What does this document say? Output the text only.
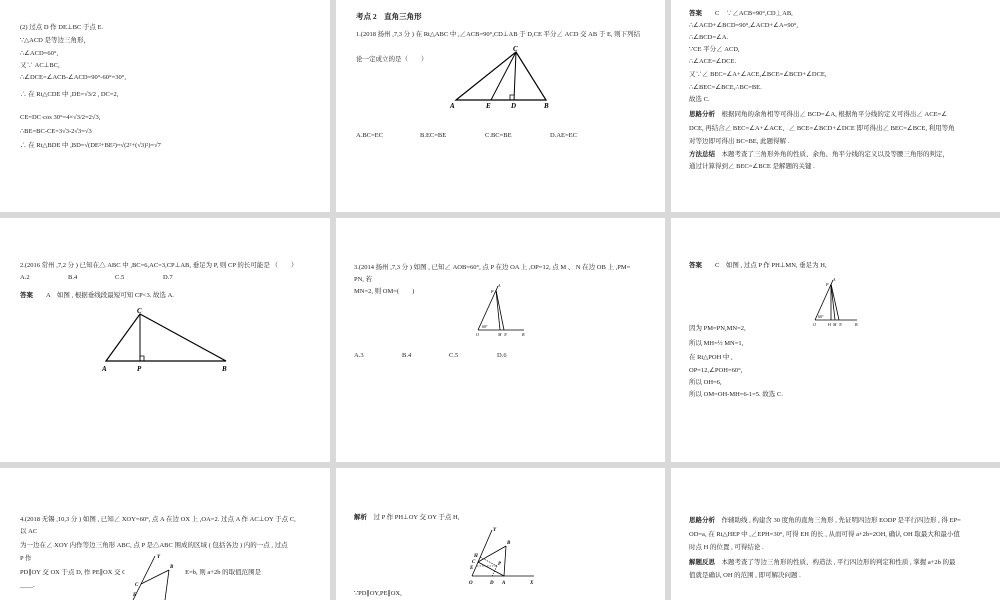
(2) 过点 D 作 DE⊥BC 于点 E.
∵△ACD 是等边三角形，
∴∠ACD=60°,
又∵ AC⊥BC,
∴∠DCE=∠ACB-∠ACD=90°-60°=30°,
∴ 在 Rt△CDE 中 ,DE=√3/2 , DC=2,
CE=DC·cos 30°=4×√3/2=2√3,
∴BE=BC-CE=3√3-2√3=√3
∴ 在 Rt△BDE 中 ,BD=√(DE²+BE²)=√(2²+(√3)²)=√7
考点 2　直角三角形
1.(2018 扬州 ,7,3 分 ) 在 Rt△ABC 中 ,∠ACB=90°,CD⊥AB 于 D,CE 平分∠ ACD 交 AB 于 E, 则下列结
论一定成立的是（　　）
C
A	E	D	B
A.BC=EC	B.EC=BE	C.BC=BE	D.AE=EC
答案　　C　∵∠ACB=90°,CD⊥AB,
∴∠ACD+∠BCD=90°,∠ACD+∠A=90°,
∴∠BCD=∠A.
∵CE 平分∠ ACD,
∴∠ACE=∠DCE.
又∵∠ BEC=∠A+∠ACE,∠BCE=∠BCD+∠DCE,
∴∠BEC=∠BCE,∴BC=BE.
故选 C.
思路分析　根据同角的余角相等可得出∠ BCD=∠A, 根据角平分线的定义可得出∠ ACE=∠
DCE, 再结合∠ BEC=∠A+∠ACE、∠ BCE=∠BCD+∠DCE 即可得出∠ BEC=∠BCE, 利用等角
对等边即可得出 BC=BE, 此题得解 .
方法总结　本题考查了三角形外角的性质、余角、角平分线的定义以及等腰三角形的判定，
通过计算得到∠ BEC=∠BCE 是解题的关键 .
2.(2016 常州 ,7,2 分 ) 已知在△ ABC 中 ,BC=6,AC=3,CP⊥AB, 垂足为 P, 则 CP 的长可能是 （　　）
A.2	B.4	C.5	D.7
答案　　A　如图 , 根据垂线段最短可知 CP<3. 故选 A.
C
A	P	B
3.(2014 扬州 ,7,3 分 ) 如图 , 已知∠ AOB=60°, 点 P 在边 OA 上 ,OP=12, 点 M 、 N 在边 OB 上 ,PM=
PN, 若
MN=2, 则 OM=(　　)
A
P
60°
O	M N	B
A.3	B.4	C.5	D.6
答案　　C　如图 , 过点 P 作 PH⊥MN, 垂足为 H,
A
P
60°
O	H M N	B
因为 PM=PN,MN=2,
所以 MH=½ MN=1,
在 Rt△POH 中 ,
OP=12,∠POH=60°,
所以 OH=6,
所以 OM=OH-MH=6-1=5. 故选 C.
4.(2018 无锡 ,10,3 分 ) 如图 , 已知∠ XOY=60°, 点 A 在边 OX 上 ,OA=2. 过点 A 作 AC⊥OY 于点 C,
以 AC
为一边在∠ XOY 内作等边三角形 ABC, 点 P 是△ABC 围成的区域 ( 包括各边 ) 内的一点 , 过点
P 作
PD∥OY 交 OX 于点 D, 作 PE∥OX 交 OY 于点 E. 设 OD=a,OE=b, 则 a+2b 的取值范围是
____.
Y
B
C
E
解析　过 P 作 PH⊥OY 交 OY 于点 H,
Y
B
H
C
E
P
O	D A	X
∵PD∥OY,PE∥OX,
思路分析　作辅助线 , 构建含 30 度角的直角三角形 , 先证明四边形 EODP 是平行四边形 , 得 EP=
OD=a, 在 Rt△HEP 中 ,∠EPH=30°, 可得 EH 的长 , 从而可得 a+2b=2OH, 确认 OH 取最大和最小值
时点 H 的位置 , 可得结论 .
解题反思　本题考查了等边三角形的性质、构造法 , 平行四边形的判定和性质 , 掌握 a+2b 的最
值就是确认 OH 的范围 , 即可解决问题 .
